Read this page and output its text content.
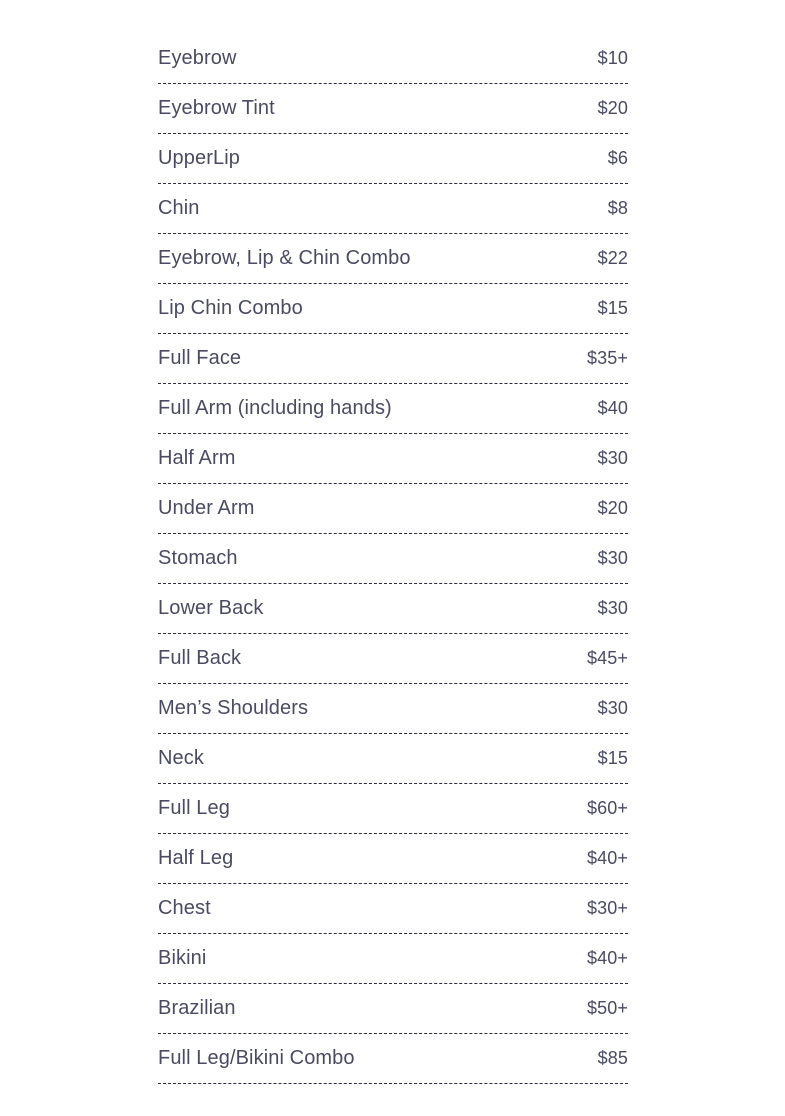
Eyebrow	$10
Eyebrow Tint	$20
UpperLip	$6
Chin	$8
Eyebrow, Lip & Chin Combo	$22
Lip Chin Combo	$15
Full Face	$35+
Full Arm (including hands)	$40
Half Arm	$30
Under Arm	$20
Stomach	$30
Lower Back	$30
Full Back	$45+
Men’s Shoulders	$30
Neck	$15
Full Leg	$60+
Half Leg	$40+
Chest	$30+
Bikini	$40+
Brazilian	$50+
Full Leg/Bikini Combo	$85
